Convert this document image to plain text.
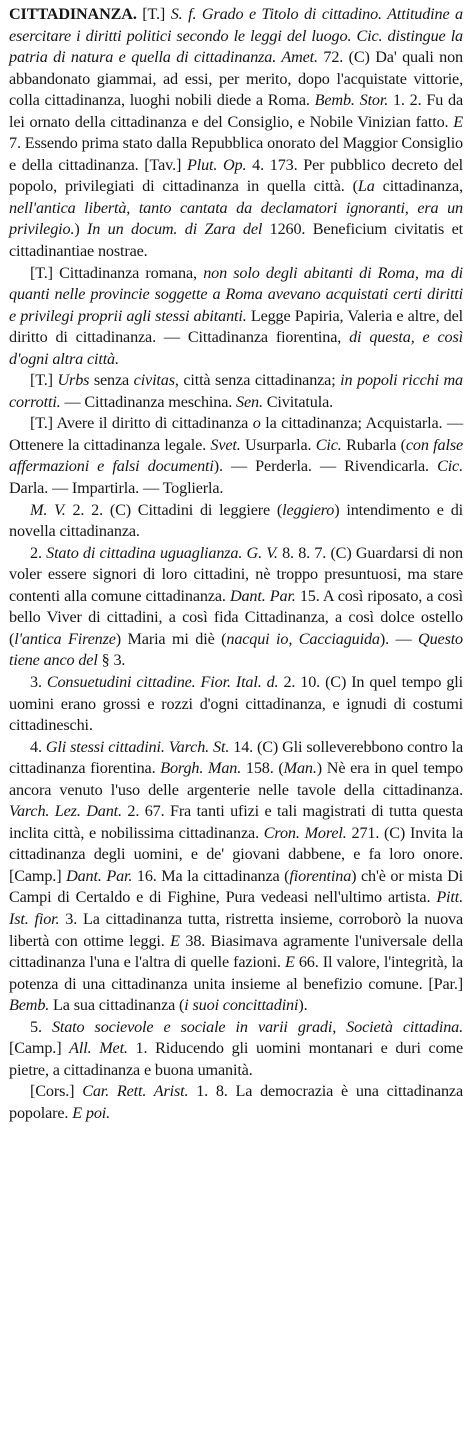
CITTADINANZA. [T.] S. f. Grado e Titolo di cittadino. Attitudine a esercitare i diritti politici secondo le leggi del luogo. Cic. distingue la patria di natura e quella di cittadinanza. Amet. 72. (C) Da' quali non abbandonato giammai, ad essi, per merito, dopo l'acquistate vittorie, colla cittadinanza, luoghi nobili diede a Roma. Bemb. Stor. 1. 2. Fu da lei ornato della cittadinanza e del Consiglio, e Nobile Vinizian fatto. E 7. Essendo prima stato dalla Repubblica onorato del Maggior Consiglio e della cittadinanza. [Tav.] Plut. Op. 4. 173. Per pubblico decreto del popolo, privilegiati di cittadinanza in quella città. (La cittadinanza, nell'antica libertà, tanto cantata da declamatori ignoranti, era un privilegio.) In un docum. di Zara del 1260. Beneficium civitatis et cittadinantiae nostrae.

[T.] Cittadinanza romana, non solo degli abitanti di Roma, ma di quanti nelle provincie soggette a Roma avevano acquistati certi diritti e privilegi proprii agli stessi abitanti. Legge Papiria, Valeria e altre, del diritto di cittadinanza. — Cittadinanza fiorentina, di questa, e così d'ogni altra città.

[T.] Urbs senza civitas, città senza cittadinanza; in popoli ricchi ma corrotti. — Cittadinanza meschina. Sen. Civitatula.

[T.] Avere il diritto di cittadinanza o la cittadinanza; Acquistarla. — Ottenere la cittadinanza legale. Svet. Usurparla. Cic. Rubarla (con false affermazioni e falsi documenti). — Perderla. — Rivendicarla. Cic. Darla. — Impartirla. — Toglierla.

M. V. 2. 2. (C) Cittadini di leggiere (leggiero) intendimento e di novella cittadinanza.

2. Stato di cittadina uguaglianza. G. V. 8. 8. 7. (C) Guardarsi di non voler essere signori di loro cittadini, nè troppo presuntuosi, ma stare contenti alla comune cittadinanza. Dant. Par. 15. A così riposato, a così bello Viver di cittadini, a così fida Cittadinanza, a così dolce ostello (l'antica Firenze) Maria mi diè (nacqui io, Cacciaguida). — Questo tiene anco del § 3.

3. Consuetudini cittadine. Fior. Ital. d. 2. 10. (C) In quel tempo gli uomini erano grossi e rozzi d'ogni cittadinanza, e ignudi di costumi cittadineschi.

4. Gli stessi cittadini. Varch. St. 14. (C) Gli solleverebbono contro la cittadinanza fiorentina. Borgh. Man. 158. (Man.) Nè era in quel tempo ancora venuto l'uso delle argenterie nelle tavole della cittadinanza. Varch. Lez. Dant. 2. 67. Fra tanti ufizi e tali magistrati di tutta questa inclita città, e nobilissima cittadinanza. Cron. Morel. 271. (C) Invita la cittadinanza degli uomini, e de' giovani dabbene, e fa loro onore. [Camp.] Dant. Par. 16. Ma la cittadinanza (fiorentina) ch'è or mista Di Campi di Certaldo e di Fighine, Pura vedeasi nell'ultimo artista. Pitt. Ist. fior. 3. La cittadinanza tutta, ristretta insieme, corroborò la nuova libertà con ottime leggi. E 38. Biasimava agramente l'universale della cittadinanza l'una e l'altra di quelle fazioni. E 66. Il valore, l'integrità, la potenza di una cittadinanza unita insieme al benefizio comune. [Par.] Bemb. La sua cittadinanza (i suoi concittadini).

5. Stato socievole e sociale in varii gradi, Società cittadina. [Camp.] All. Met. 1. Riducendo gli uomini montanari e duri come pietre, a cittadinanza e buona umanità.

[Cors.] Car. Rett. Arist. 1. 8. La democrazia è una cittadinanza popolare. E poi.
